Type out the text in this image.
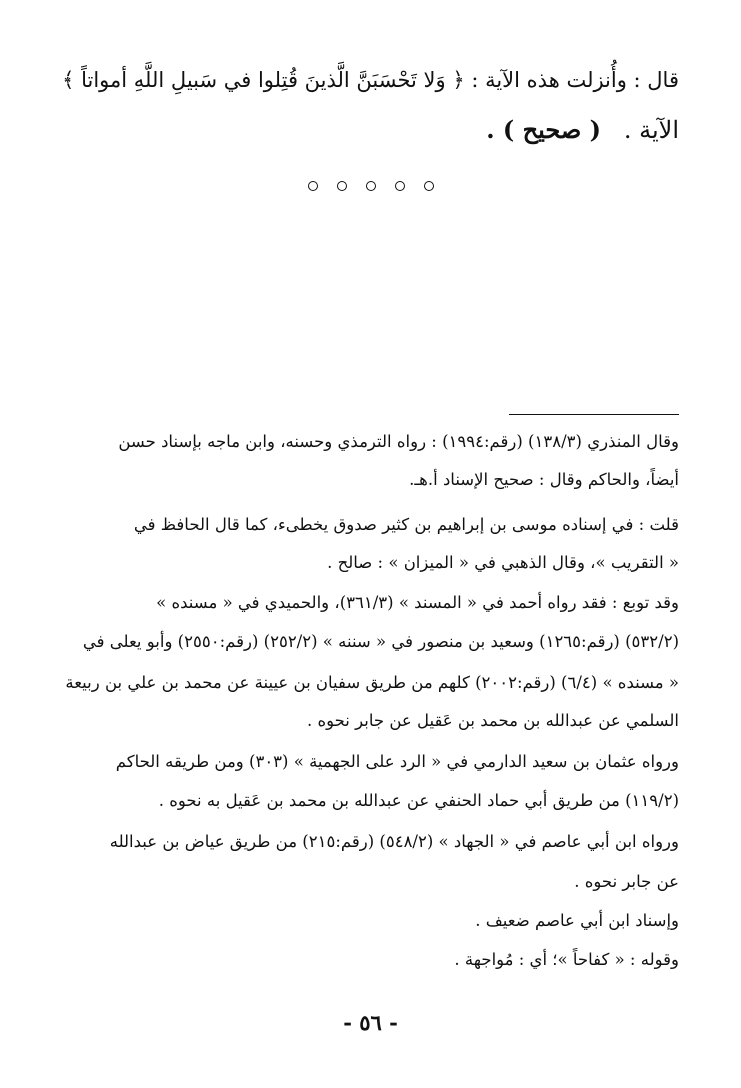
قال : وأُنزلت هذه الآية : ﴿ وَلا تَحْسَبَنَّ الَّذينَ قُتِلوا في سَبيلِ اللَّهِ أمواتاً ﴾
الآية .   ( صحيح ) .
وقال المنذري (١٣٨/٣) (رقم:١٩٩٤) : رواه الترمذي وحسنه، وابن ماجه بإسناد حسن
أيضاً، والحاكم وقال : صحيح الإسناد أ.هـ.
قلت : في إسناده موسى بن إبراهيم بن كثير صدوق يخطىء، كما قال الحافظ في
« التقريب »، وقال الذهبي في « الميزان » : صالح .
وقد توبع : فقد رواه أحمد في « المسند » (٣٦١/٣)، والحميدي في « مسنده »
(٥٣٢/٢) (رقم:١٢٦٥) وسعيد بن منصور في « سننه » (٢٥٢/٢) (رقم:٢٥٥٠) وأبو يعلى في
« مسنده » (٦/٤) (رقم:٢٠٠٢) كلهم من طريق سفيان بن عيينة عن محمد بن علي بن ربيعة
السلمي عن عبدالله بن محمد بن عَقيل عن جابر نحوه .
ورواه عثمان بن سعيد الدارمي في « الرد على الجهمية » (٣٠٣) ومن طريقه الحاكم
(١١٩/٢) من طريق أبي حماد الحنفي عن عبدالله بن محمد بن عَقيل به نحوه .
ورواه ابن أبي عاصم في « الجهاد » (٥٤٨/٢) (رقم:٢١٥) من طريق عياض بن عبدالله
عن جابر نحوه .
وإسناد ابن أبي عاصم ضعيف .
وقوله : « كفاحاً »؛ أي : مُواجهة .
- ٥٦ -
